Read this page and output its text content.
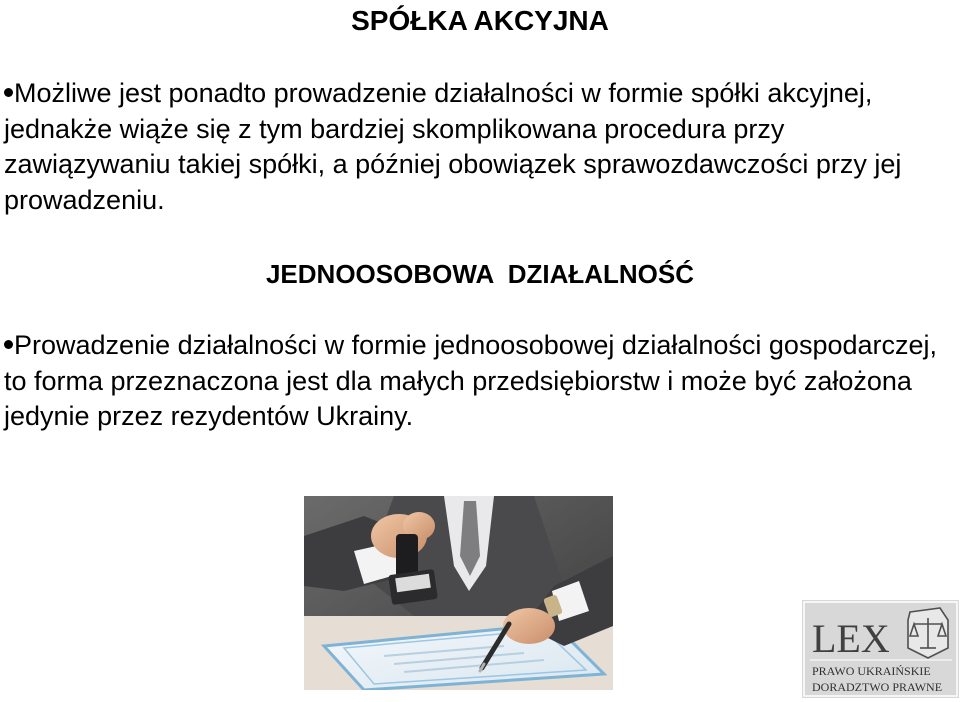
SPÓŁKA AKCYJNA

Możliwe jest ponadto prowadzenie działalności w formie spółki akcyjnej, jednakże wiąże się z tym bardziej skomplikowana procedura przy zawiązywaniu takiej spółki, a później obowiązek sprawozdawczości przy jej prowadzeniu.

JEDNOOSOBOWA  DZIAŁALNOŚĆ

Prowadzenie działalności w formie jednoosobowej działalności gospodarczej, to forma przeznaczona jest dla małych przedsiębiorstw i może być założona jedynie przez rezydentów Ukrainy.

LEX
PRAWO UKRAIŃSKIE
DORADZTWO PRAWNE
